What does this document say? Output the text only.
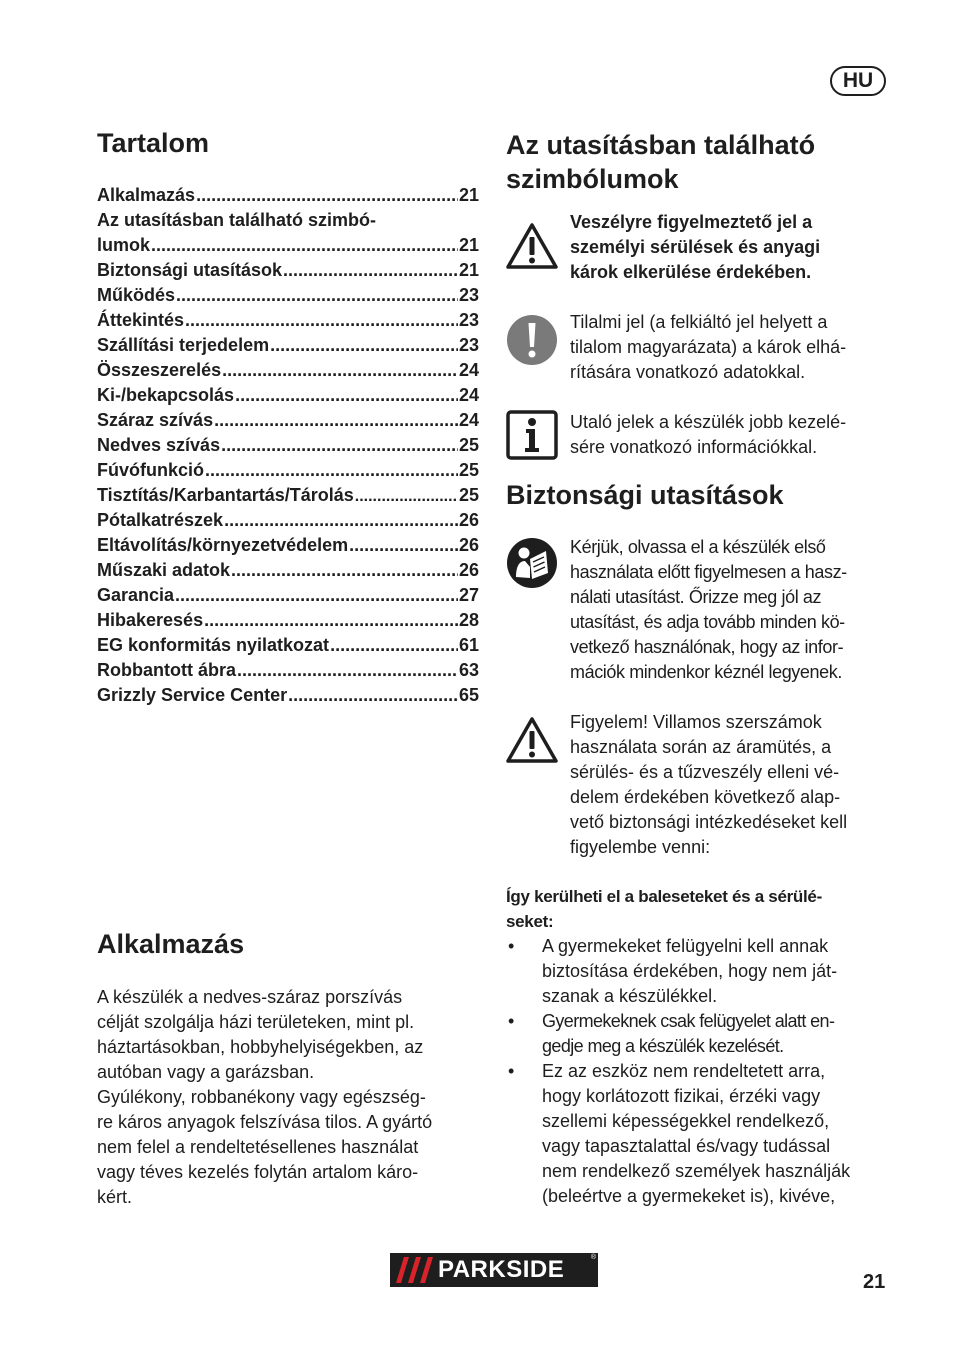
HU
Tartalom
Alkalmazás .....	21
Az utasításban található szimbó-
lumok .....	21
Biztonsági utasítások .....	21
Működés .....	23
Áttekintés .....	23
Szállítási terjedelem .....	23
Összeszerelés .....	24
Ki-/bekapcsolás .....	24
Száraz szívás .....	24
Nedves szívás .....	25
Fúvófunkció .....	25
Tisztítás/Karbantartás/Tárolás .....	25
Pótalkatrészek .....	26
Eltávolítás/környezetvédelem .....	26
Műszaki adatok .....	26
Garancia .....	27
Hibakeresés .....	28
EG konformitás nyilatkozat .....	61
Robbantott ábra .....	63
Grizzly Service Center .....	65
Alkalmazás
A készülék a nedves-száraz porszívás
célját szolgálja házi területeken, mint pl.
háztartásokban, hobbyhelyiségekben, az
autóban vagy a garázsban.
Gyúlékony, robbanékony vagy egészség-
re káros anyagok felszívása tilos. A gyártó
nem felel a rendeltetésellenes használat
vagy téves kezelés folytán artalom káro-
kért.
Az utasításban található
szimbólumok
Veszélyre figyelmeztető jel a
személyi sérülések és anyagi
károk elkerülése érdekében.
Tilalmi jel (a felkiáltó jel helyett a
tilalom magyarázata) a károk elhá-
rítására vonatkozó adatokkal.
Utaló jelek a készülék jobb kezelé-
sére vonatkozó információkkal.
Biztonsági utasítások
Kérjük, olvassa el a készülék első
használata előtt figyelmesen a hasz-
nálati utasítást. Őrizze meg jól az
utasítást, és adja tovább minden kö-
vetkező használónak, hogy az infor-
mációk mindenkor kéznél legyenek.
Figyelem! Villamos szerszámok
használata során az áramütés, a
sérülés- és a tűzveszély elleni vé-
delem érdekében következő alap-
vető biztonsági intézkedéseket kell
figyelembe venni:
Így kerülheti el a baleseteket és a sérülé-
seket:
• A gyermekeket felügyelni kell annak
biztosítása érdekében, hogy nem ját-
szanak a készülékkel.
• Gyermekeknek csak felügyelet alatt en-
gedje meg a készülék kezelését.
• Ez az eszköz nem rendeltetett arra,
hogy korlátozott fizikai, érzéki vagy
szellemi képességekkel rendelkező,
vagy tapasztalattal és/vagy tudással
nem rendelkező személyek használják
(beleértve a gyermekeket is), kivéve,
PARKSIDE	®
21
